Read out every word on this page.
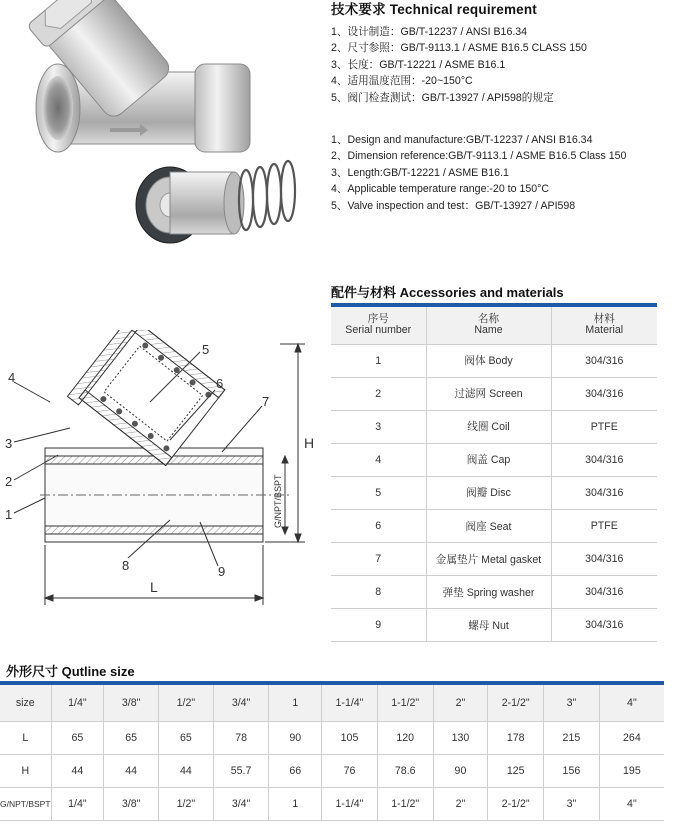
技术要求 Technical requirement
1、设计制造：GB/T-12237 / ANSI B16.34
2、尺寸参照：GB/T-9113.1 / ASME B16.5 CLASS 150
3、长度：GB/T-12221 / ASME B16.1
4、适用温度范围：-20~150°C
5、阀门检查测试：GB/T-13927 / API598的规定
1、Design and manufacture:GB/T-12237 / ANSI B16.34
2、Dimension reference:GB/T-9113.1 / ASME B16.5 Class 150
3、Length:GB/T-12221 / ASME B16.1
4、Applicable temperature range:-20 to 150°C
5、Valve inspection and test：GB/T-13927 / API598
配件与材料 Accessories and materials
序号
Serial number	名称
Name	材料
Material
1	阀体 Body	304/316
2	过滤网 Screen	304/316
3	线圈 Coil	PTFE
4	阀盖 Cap	304/316
5	阀瓣 Disc	304/316
6	阀座 Seat	PTFE
7	金属垫片 Metal gasket	304/316
8	弹垫 Spring washer	304/316
9	螺母 Nut	304/316
1
2
3
4
5
6
7
8	9
L
H
G/NPT/BSPT
外形尺寸 Qutline size
size	1/4"	3/8"	1/2"	3/4"	1	1-1/4"	1-1/2"	2"	2-1/2"	3"	4"
L	65	65	65	78	90	105	120	130	178	215	264
H	44	44	44	55.7	66	76	78.6	90	125	156	195
G/NPT/BSPT	1/4"	3/8"	1/2"	3/4"	1	1-1/4"	1-1/2"	2"	2-1/2"	3"	4"
